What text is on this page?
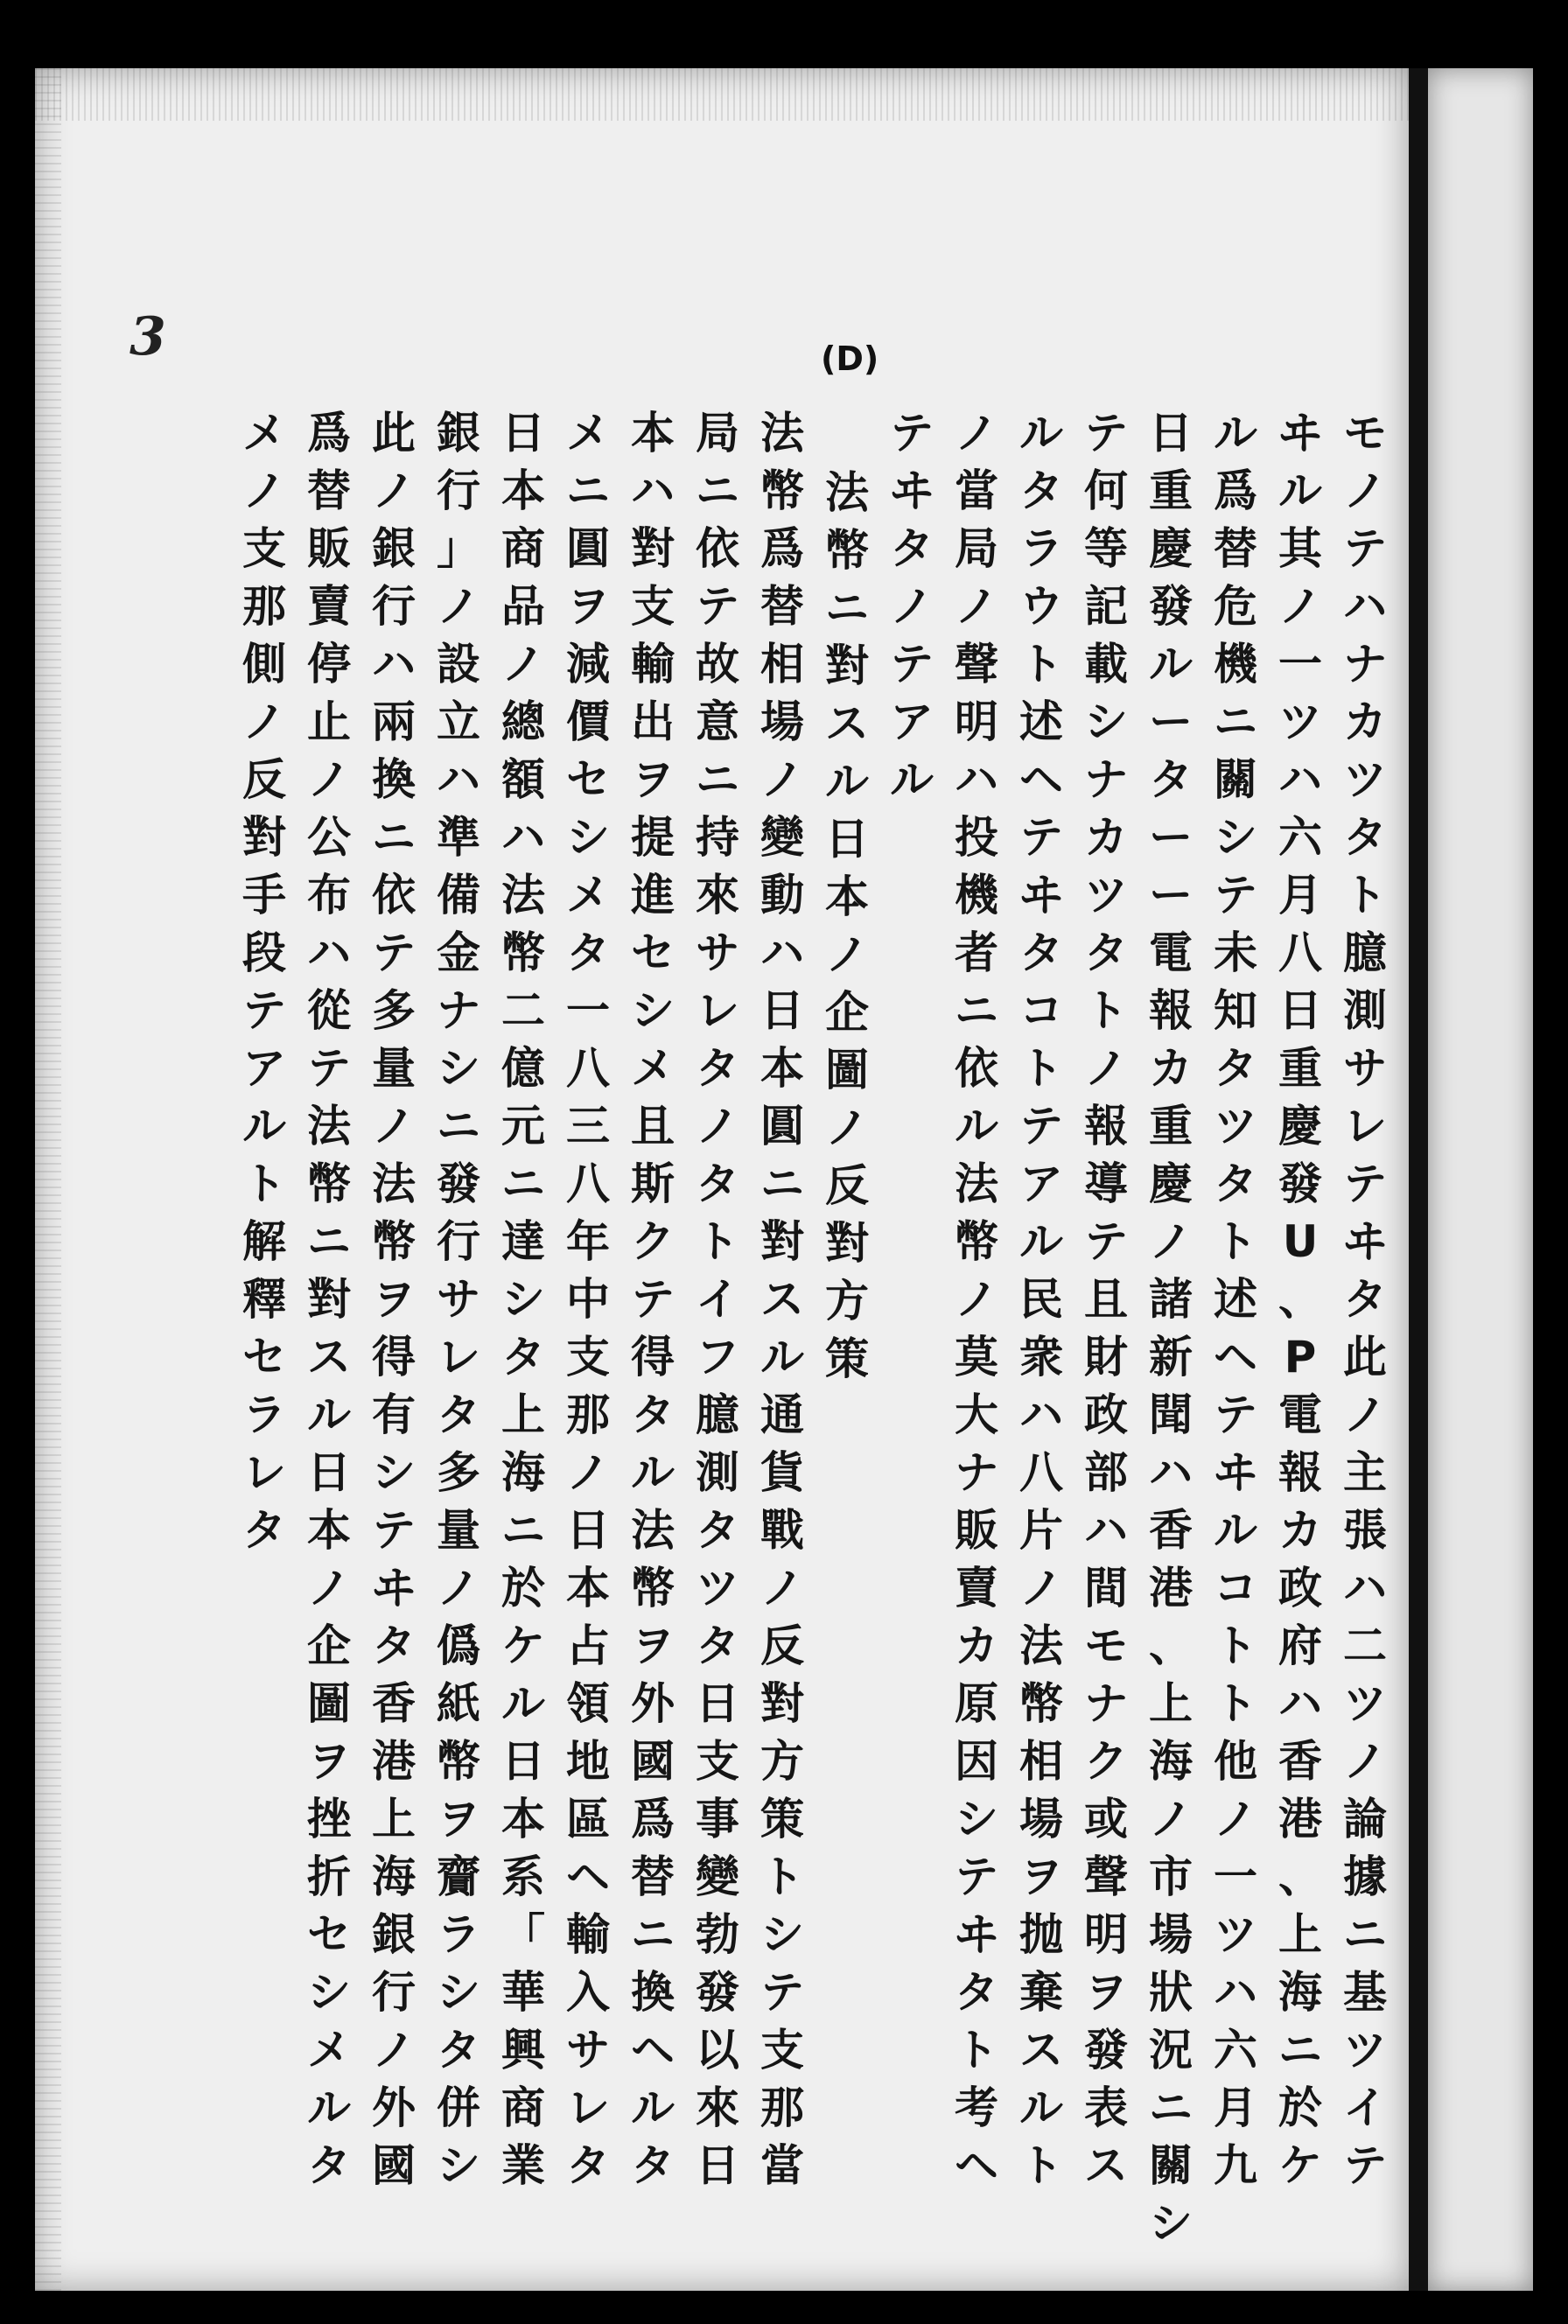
3	(D)
モ
ノ
テ
ハ
ナ
カ
ツ
タ
ト
臆
測
サ
レ
テ
ヰ
タ
此
ノ
主
張
ハ
二
ツ
ノ
論
據
ニ
基
ツ
イ
テ
ヰ
ル
其
ノ
一
ツ
ハ
六
月
八
日
重
慶
發
U
、
P
電
報
カ
政
府
ハ
香
港
、
上
海
ニ
於
ケ
ル
爲
替
危
機
ニ
關
シ
テ
未
知
タ
ツ
タ
ト
述
ヘ
テ
ヰ
ル
コ
ト
ト
他
ノ
一
ツ
ハ
六
月
九
日
重
慶
發
ル
ー
タ
ー
ー
電
報
カ
重
慶
ノ
諸
新
聞
ハ
香
港
、
上
海
ノ
市
場
狀
況
ニ
關
シ
テ
何
等
記
載
シ
ナ
カ
ツ
タ
ト
ノ
報
導
テ
且
財
政
部
ハ
間
モ
ナ
ク
或
聲
明
ヲ
發
表
ス
ル
タ
ラ
ウ
ト
述
ヘ
テ
ヰ
タ
コ
ト
テ
ア
ル
民
衆
ハ
八
片
ノ
法
幣
相
場
ヲ
抛
棄
ス
ル
ト
ノ
當
局
ノ
聲
明
ハ
投
機
者
ニ
依
ル
法
幣
ノ
莫
大
ナ
販
賣
カ
原
因
シ
テ
ヰ
タ
ト
考
ヘ
テ
ヰ
タ
ノ
テ
ア
ル
法
幣
ニ
對
ス
ル
日
本
ノ
企
圖
ノ
反
對
方
策
法
幣
爲
替
相
場
ノ
變
動
ハ
日
本
圓
ニ
對
ス
ル
通
貨
戰
ノ
反
對
方
策
ト
シ
テ
支
那
當
局
ニ
依
テ
故
意
ニ
持
來
サ
レ
タ
ノ
タ
ト
イ
フ
臆
測
タ
ツ
タ
日
支
事
變
勃
發
以
來
日
本
ハ
對
支
輸
出
ヲ
提
進
セ
シ
メ
且
斯
ク
テ
得
タ
ル
法
幣
ヲ
外
國
爲
替
ニ
換
ヘ
ル
タ
メ
ニ
圓
ヲ
減
價
セ
シ
メ
タ
一
八
三
八
年
中
支
那
ノ
日
本
占
領
地
區
ヘ
輸
入
サ
レ
タ
日
本
商
品
ノ
總
額
ハ
法
幣
二
億
元
ニ
達
シ
タ
上
海
ニ
於
ケ
ル
日
本
系
「
華
興
商
業
銀
行
」
ノ
設
立
ハ
準
備
金
ナ
シ
ニ
發
行
サ
レ
タ
多
量
ノ
僞
紙
幣
ヲ
齎
ラ
シ
タ
併
シ
此
ノ
銀
行
ハ
兩
換
ニ
依
テ
多
量
ノ
法
幣
ヲ
得
有
シ
テ
ヰ
タ
香
港
上
海
銀
行
ノ
外
國
爲
替
販
賣
停
止
ノ
公
布
ハ
從
テ
法
幣
ニ
對
ス
ル
日
本
ノ
企
圖
ヲ
挫
折
セ
シ
メ
ル
タ
メ
ノ
支
那
側
ノ
反
對
手
段
テ
ア
ル
ト
解
釋
セ
ラ
レ
タ
